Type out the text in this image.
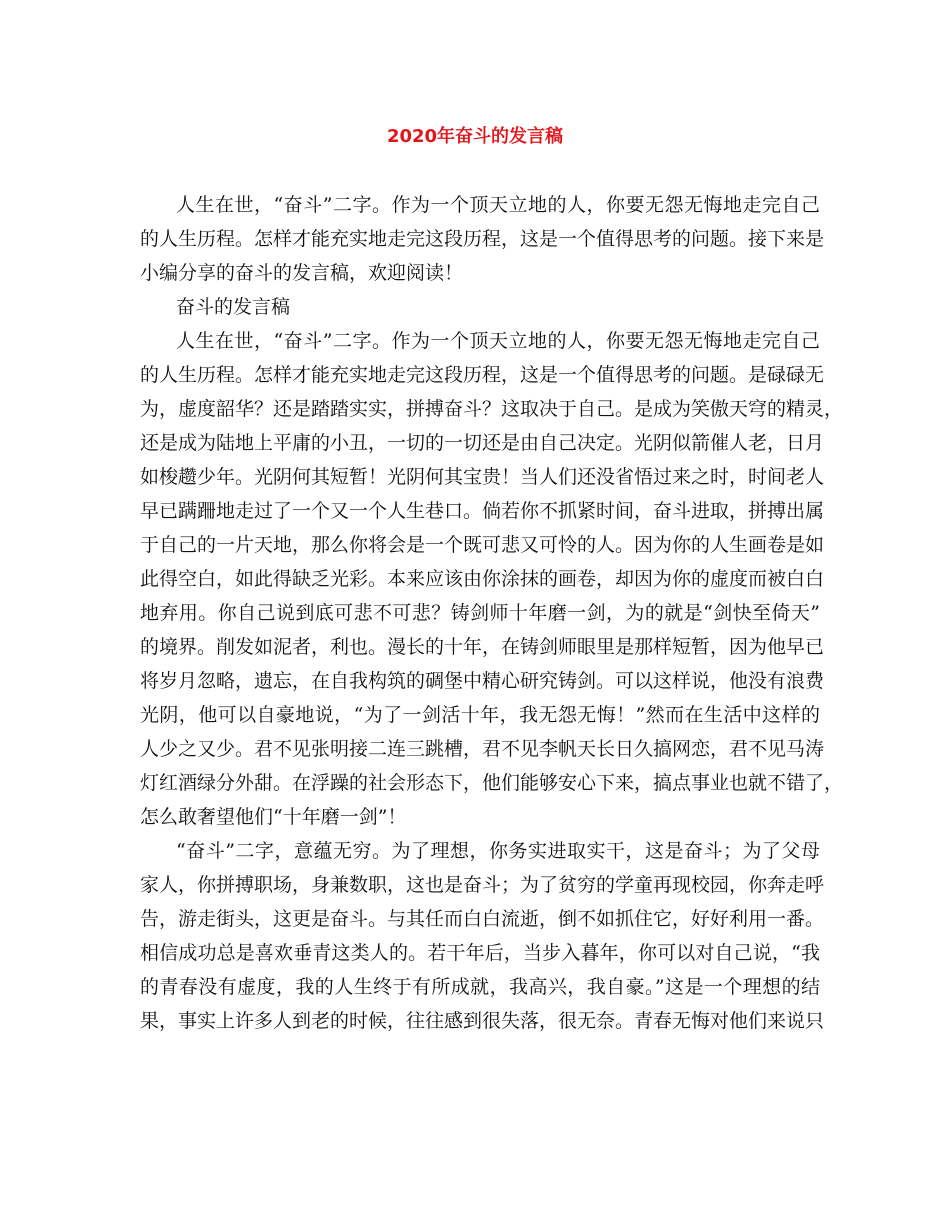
2020年奋斗的发言稿
人生在世，“奋斗”二字。作为一个顶天立地的人，你要无怨无悔地走完自己
的人生历程。怎样才能充实地走完这段历程，这是一个值得思考的问题。接下来是
小编分享的奋斗的发言稿，欢迎阅读！
奋斗的发言稿
人生在世，“奋斗”二字。作为一个顶天立地的人，你要无怨无悔地走完自己
的人生历程。怎样才能充实地走完这段历程，这是一个值得思考的问题。是碌碌无
为，虚度韶华？还是踏踏实实，拼搏奋斗？这取决于自己。是成为笑傲天穹的精灵，
还是成为陆地上平庸的小丑，一切的一切还是由自己决定。光阴似箭催人老，日月
如梭趱少年。光阴何其短暂！光阴何其宝贵！当人们还没省悟过来之时，时间老人
早已蹒跚地走过了一个又一个人生巷口。倘若你不抓紧时间，奋斗进取，拼搏出属
于自己的一片天地，那么你将会是一个既可悲又可怜的人。因为你的人生画卷是如
此得空白，如此得缺乏光彩。本来应该由你涂抹的画卷，却因为你的虚度而被白白
地弃用。你自己说到底可悲不可悲？铸剑师十年磨一剑，为的就是“剑快至倚天”
的境界。削发如泥者，利也。漫长的十年，在铸剑师眼里是那样短暂，因为他早已
将岁月忽略，遗忘，在自我构筑的碉堡中精心研究铸剑。可以这样说，他没有浪费
光阴，他可以自豪地说，“为了一剑活十年，我无怨无悔！”然而在生活中这样的
人少之又少。君不见张明接二连三跳槽，君不见李帆天长日久搞网恋，君不见马涛
灯红酒绿分外甜。在浮躁的社会形态下，他们能够安心下来，搞点事业也就不错了，
怎么敢奢望他们“十年磨一剑”！
“奋斗”二字，意蕴无穷。为了理想，你务实进取实干，这是奋斗；为了父母
家人，你拼搏职场，身兼数职，这也是奋斗；为了贫穷的学童再现校园，你奔走呼
告，游走街头，这更是奋斗。与其任而白白流逝，倒不如抓住它，好好利用一番。
相信成功总是喜欢垂青这类人的。若干年后，当步入暮年，你可以对自己说，“我
的青春没有虚度，我的人生终于有所成就，我高兴，我自豪。”这是一个理想的结
果，事实上许多人到老的时候，往往感到很失落，很无奈。青春无悔对他们来说只
